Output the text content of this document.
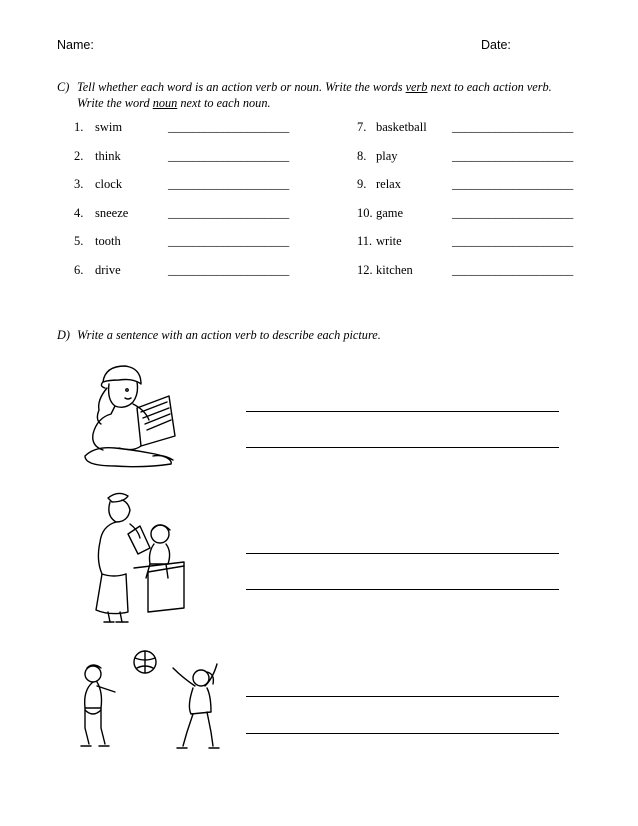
Name:	Date:
C) Tell whether each word is an action verb or noun. Write the words verb next to each action verb.
Write the word noun next to each noun.
1. swim	____________________
2. think	____________________
3. clock	____________________
4. sneeze	____________________
5. tooth	____________________
6. drive	____________________
7. basketball ____________________
8. play	____________________
9. relax	____________________
10. game	____________________
11. write	____________________
12. kitchen	____________________
D) Write a sentence with an action verb to describe each picture.
